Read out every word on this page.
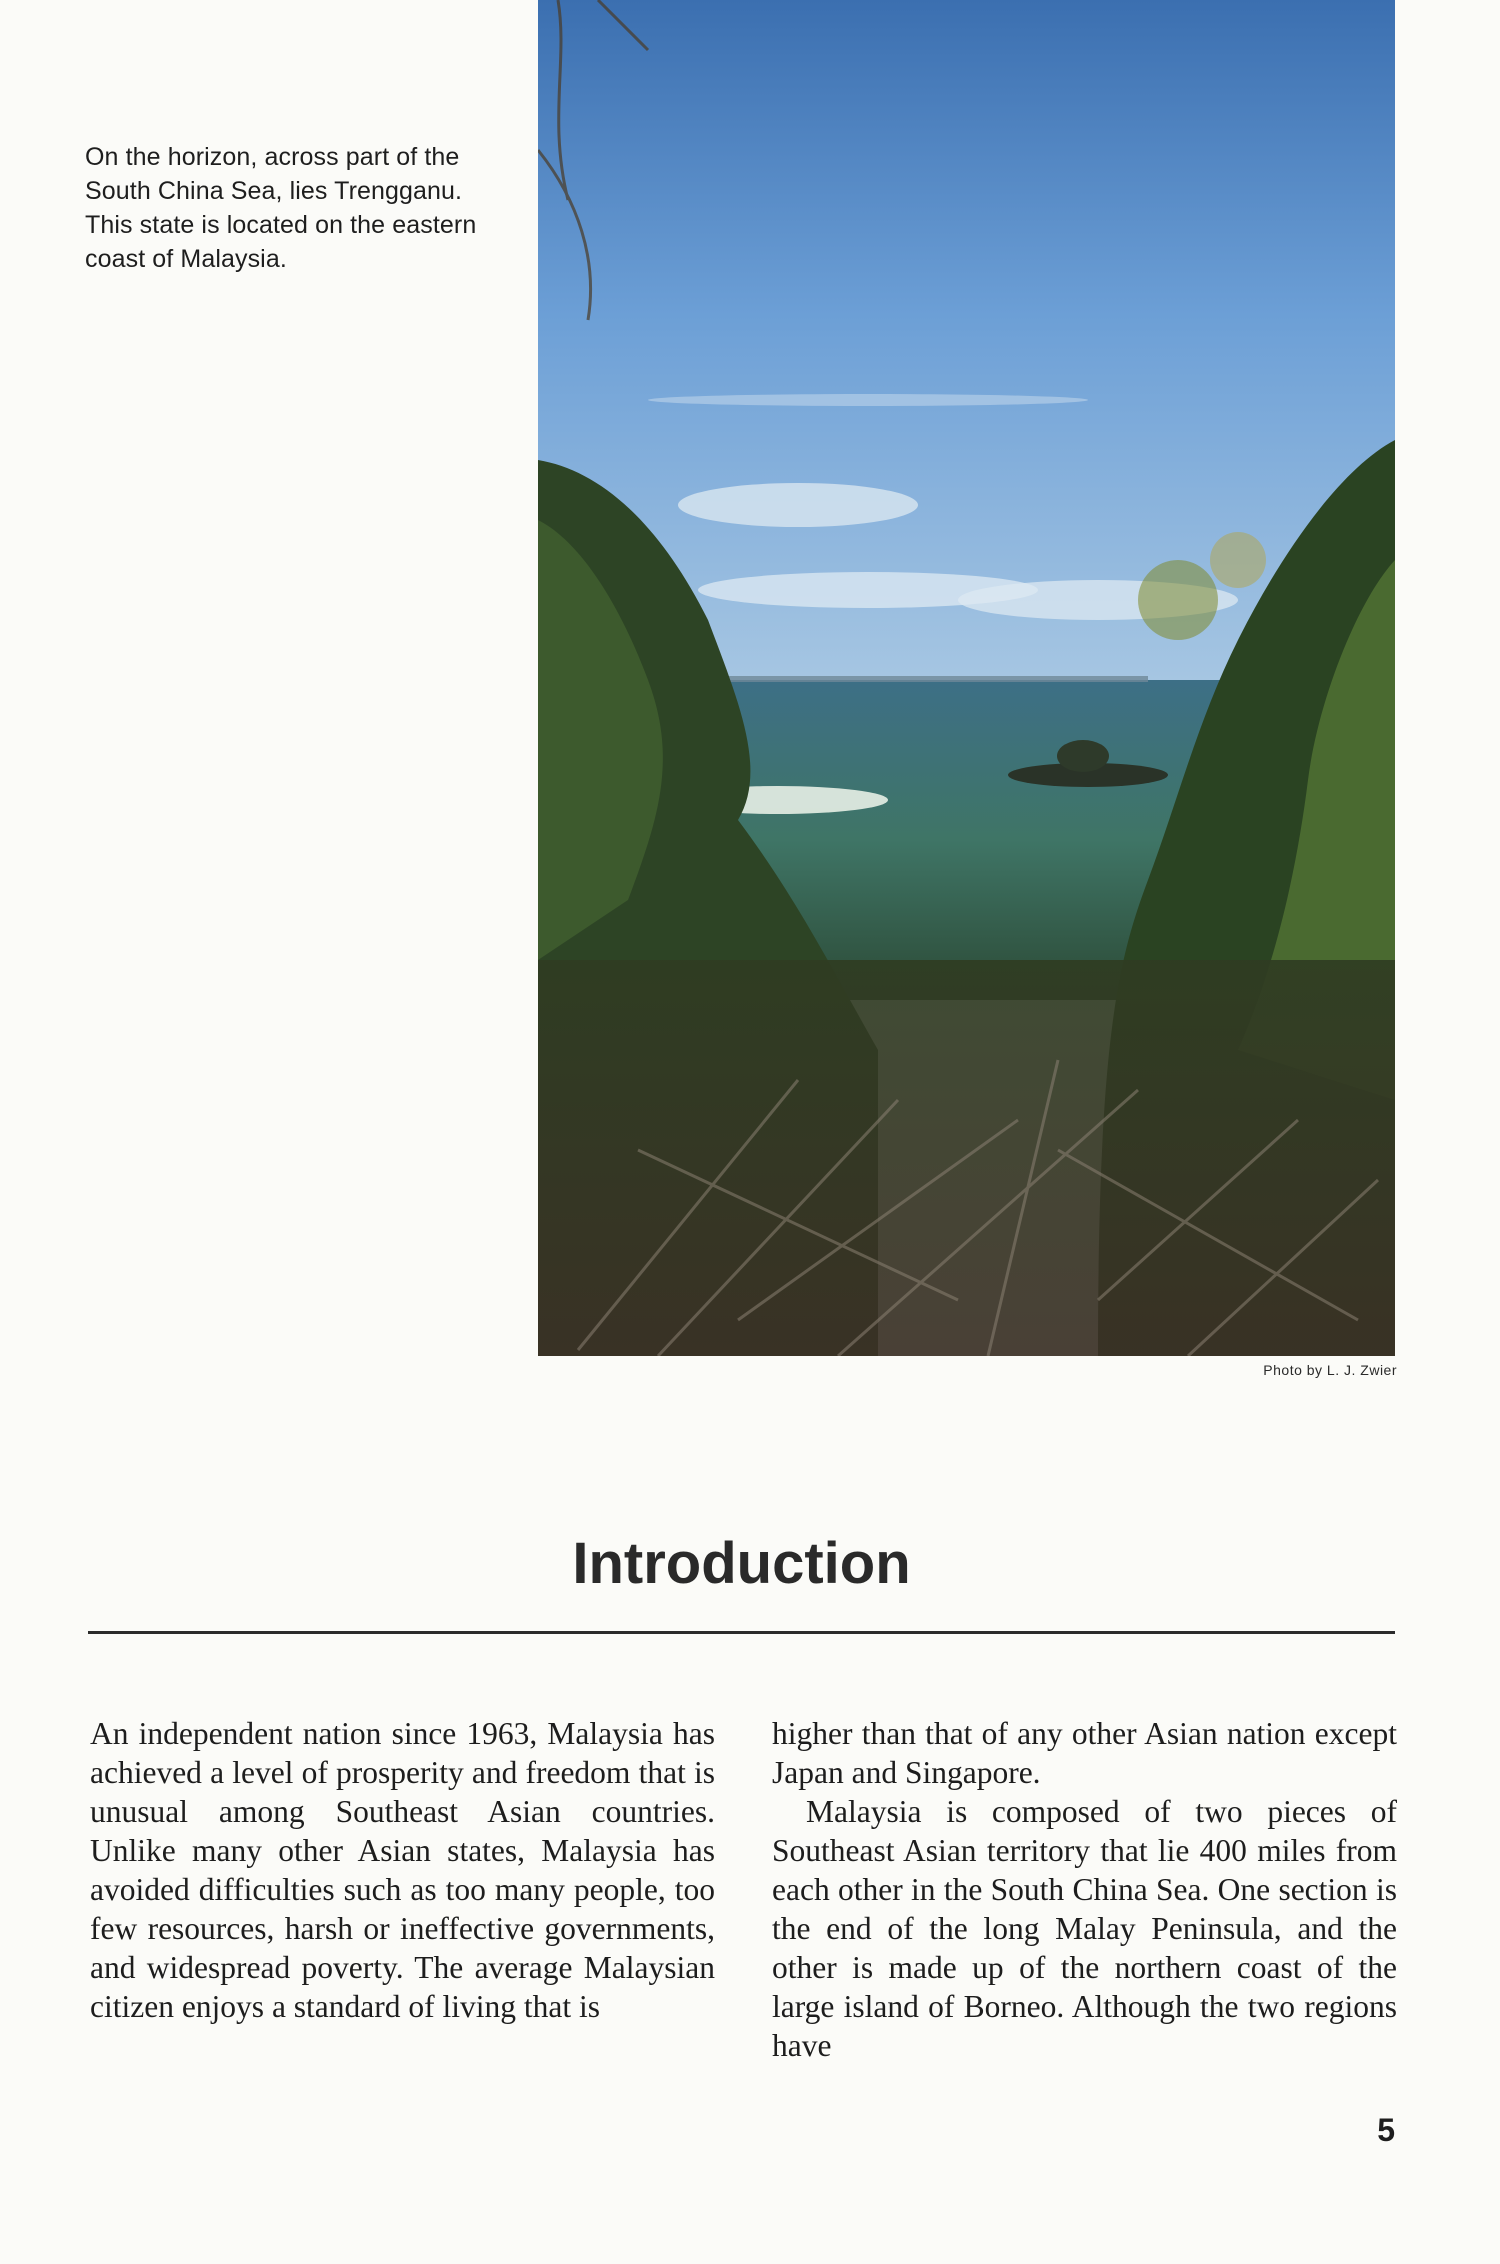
On the horizon, across part of the South China Sea, lies Trengganu. This state is located on the eastern coast of Malaysia.
Photo by L. J. Zwier
Introduction

An independent nation since 1963, Malaysia has achieved a level of prosperity and freedom that is unusual among Southeast Asian countries. Unlike many other Asian states, Malaysia has avoided difficulties such as too many people, too few resources, harsh or ineffective governments, and widespread poverty. The average Malaysian citizen enjoys a standard of living that is

higher than that of any other Asian nation except Japan and Singapore.

Malaysia is composed of two pieces of Southeast Asian territory that lie 400 miles from each other in the South China Sea. One section is the end of the long Malay Peninsula, and the other is made up of the northern coast of the large island of Borneo. Although the two regions have

5
